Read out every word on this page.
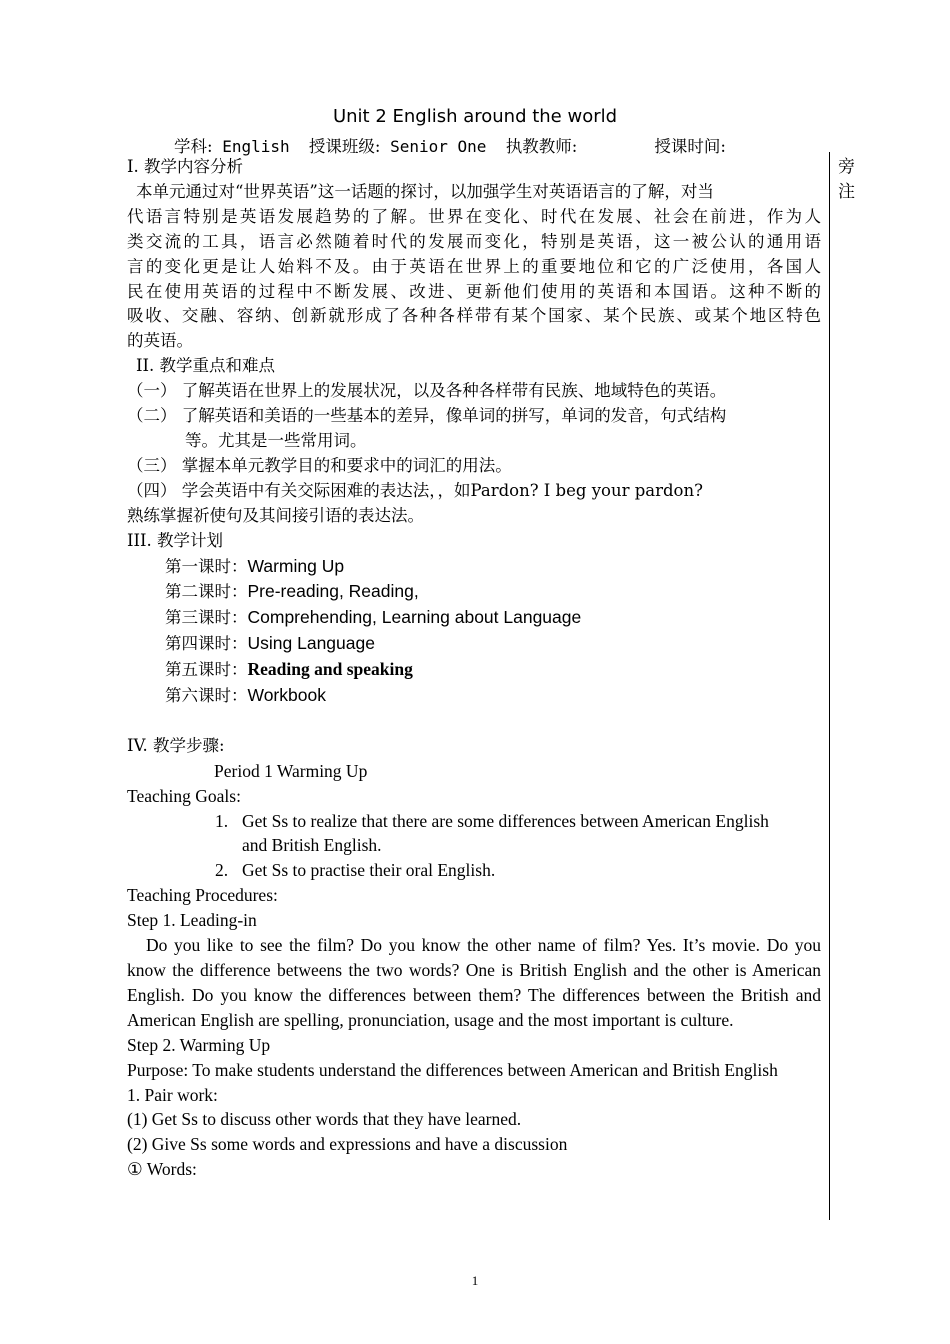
Unit 2 English around the world
学科: English 授课班级: Senior One 执教教师:	授课时间:
旁
注
I. 教学内容分析
本单元通过对“世界英语”这一话题的探讨，以加强学生对英语语言的了解，对当
代语言特别是英语发展趋势的了解。世界在变化、时代在发展、社会在前进，作为人
类交流的工具，语言必然随着时代的发展而变化，特别是英语，这一被公认的通用语
言的变化更是让人始料不及。由于英语在世界上的重要地位和它的广泛使用，各国人
民在使用英语的过程中不断发展、改进、更新他们使用的英语和本国语。这种不断的
吸收、交融、容纳、创新就形成了各种各样带有某个国家、某个民族、或某个地区特色
的英语。
II. 教学重点和难点
（一） 了解英语在世界上的发展状况，以及各种各样带有民族、地域特色的英语。
（二） 了解英语和美语的一些基本的差异，像单词的拼写，单词的发音，句式结构
等。尤其是一些常用词。
（三） 掌握本单元教学目的和要求中的词汇的用法。
（四） 学会英语中有关交际困难的表达法，，如Pardon? I beg your pardon?
熟练掌握祈使句及其间接引语的表达法。
III. 教学计划
第一课时：Warming Up
第二课时：Pre-reading, Reading,
第三课时：Comprehending, Learning about Language
第四课时：Using Language
第五课时：Reading and speaking
第六课时：Workbook

IV. 教学步骤:
Period 1 Warming Up
Teaching Goals:
1. Get Ss to realize that there are some differences between American English
and British English.
2. Get Ss to practise their oral English.
Teaching Procedures:
Step 1. Leading-in
Do you like to see the film? Do you know the other name of film? Yes. It’s movie. Do you know the difference betweens the two words? One is British English and the other is American English. Do you know the differences between them? The differences between the British and American English are spelling, pronunciation, usage and the most important is culture.
Step 2. Warming Up
Purpose: To make students understand the differences between American and British English
1. Pair work:
(1) Get Ss to discuss other words that they have learned.
(2) Give Ss some words and expressions and have a discussion
① Words:
1
